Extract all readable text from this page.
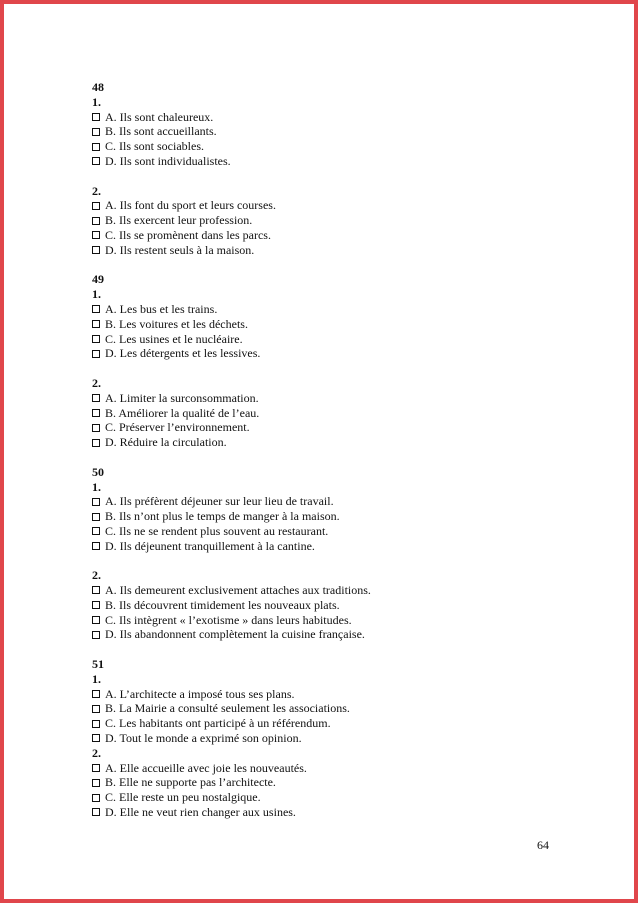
48
1.
A. Ils sont chaleureux.
B. Ils sont accueillants.
C. Ils sont sociables.
D. Ils sont individualistes.
2.
A. Ils font du sport et leurs courses.
B. Ils exercent leur profession.
C. Ils se promènent dans les parcs.
D. Ils restent seuls à la maison.
49
1.
A. Les bus et les trains.
B. Les voitures et les déchets.
C. Les usines et le nucléaire.
D. Les détergents et les lessives.
2.
A. Limiter la surconsommation.
B. Améliorer la qualité de l’eau.
C. Préserver l’environnement.
D. Réduire la circulation.
50
1.
A. Ils préfèrent déjeuner sur leur lieu de travail.
B. Ils n’ont plus le temps de manger à la maison.
C. Ils ne se rendent plus souvent au restaurant.
D. Ils déjeunent tranquillement à la cantine.
2.
A. Ils demeurent exclusivement attaches aux traditions.
B. Ils découvrent timidement les nouveaux plats.
C. Ils intègrent « l’exotisme » dans leurs habitudes.
D. Ils abandonnent complètement la cuisine française.
51
1.
A. L’architecte a imposé tous ses plans.
B. La Mairie a consulté seulement les associations.
C. Les habitants ont participé à un référendum.
D. Tout le monde a exprimé son opinion.
2.
A. Elle accueille avec joie les nouveautés.
B. Elle ne supporte pas l’architecte.
C. Elle reste un peu nostalgique.
D. Elle ne veut rien changer aux usines.
64
